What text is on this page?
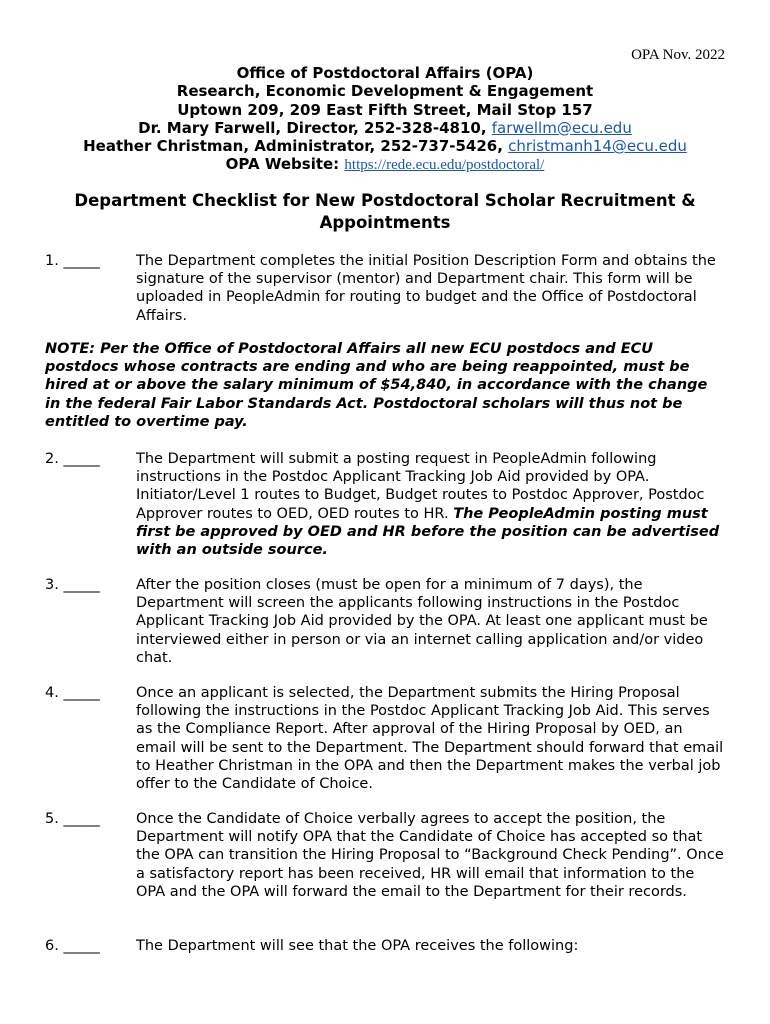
OPA Nov. 2022
Office of Postdoctoral Affairs (OPA)
Research, Economic Development & Engagement
Uptown 209, 209 East Fifth Street, Mail Stop 157
Dr. Mary Farwell, Director, 252-328-4810, farwellm@ecu.edu
Heather Christman, Administrator, 252-737-5426, christmanh14@ecu.edu
OPA Website: https://rede.ecu.edu/postdoctoral/
Department Checklist for New Postdoctoral Scholar Recruitment & Appointments
1. _____	The Department completes the initial Position Description Form and obtains the signature of the supervisor (mentor) and Department chair. This form will be uploaded in PeopleAdmin for routing to budget and the Office of Postdoctoral Affairs.
NOTE: Per the Office of Postdoctoral Affairs all new ECU postdocs and ECU postdocs whose contracts are ending and who are being reappointed, must be hired at or above the salary minimum of $54,840, in accordance with the change in the federal Fair Labor Standards Act. Postdoctoral scholars will thus not be entitled to overtime pay.
2. _____	The Department will submit a posting request in PeopleAdmin following instructions in the Postdoc Applicant Tracking Job Aid provided by OPA. Initiator/Level 1 routes to Budget, Budget routes to Postdoc Approver, Postdoc Approver routes to OED, OED routes to HR. The PeopleAdmin posting must first be approved by OED and HR before the position can be advertised with an outside source.
3. _____	After the position closes (must be open for a minimum of 7 days), the Department will screen the applicants following instructions in the Postdoc Applicant Tracking Job Aid provided by the OPA. At least one applicant must be interviewed either in person or via an internet calling application and/or video chat.
4. _____	Once an applicant is selected, the Department submits the Hiring Proposal following the instructions in the Postdoc Applicant Tracking Job Aid. This serves as the Compliance Report. After approval of the Hiring Proposal by OED, an email will be sent to the Department. The Department should forward that email to Heather Christman in the OPA and then the Department makes the verbal job offer to the Candidate of Choice.
5. _____	Once the Candidate of Choice verbally agrees to accept the position, the Department will notify OPA that the Candidate of Choice has accepted so that the OPA can transition the Hiring Proposal to “Background Check Pending”. Once a satisfactory report has been received, HR will email that information to the OPA and the OPA will forward the email to the Department for their records.
6. _____	The Department will see that the OPA receives the following:
